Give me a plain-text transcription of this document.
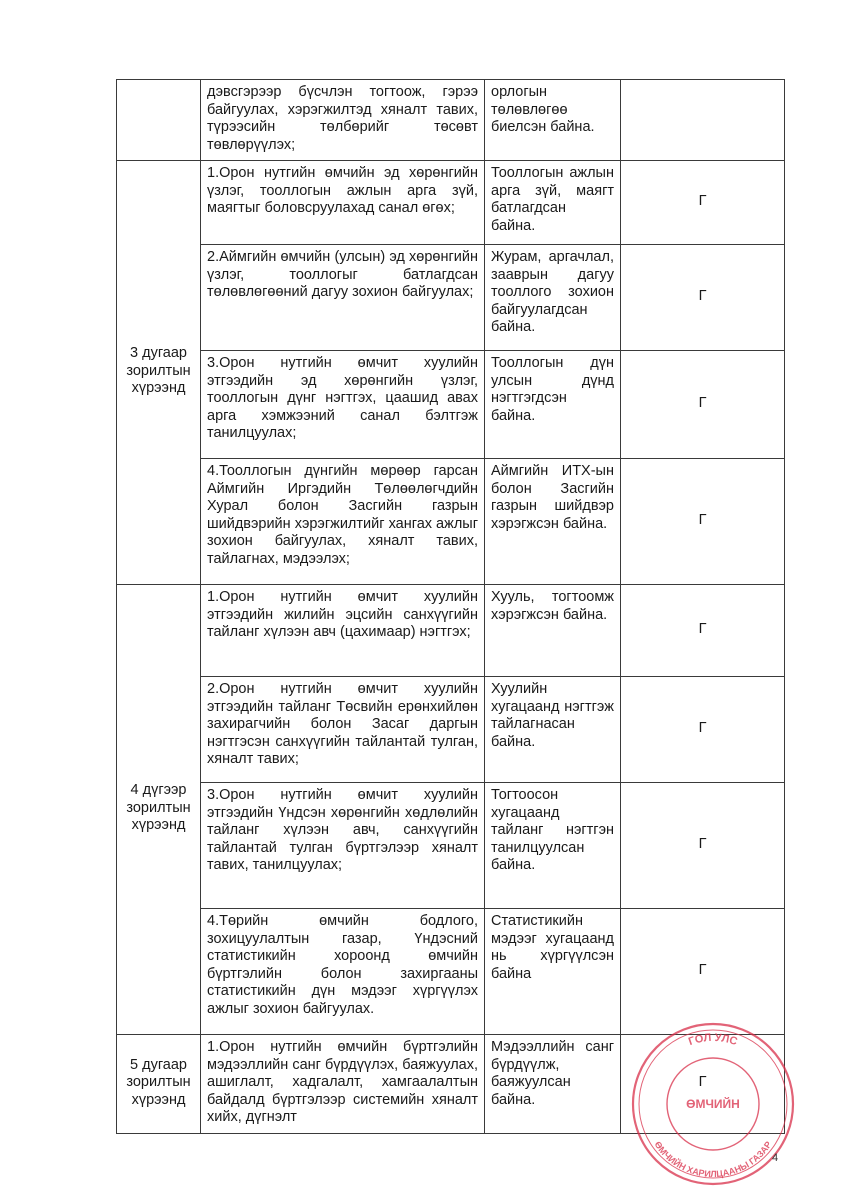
	дэвсгэрээр бүсчлэн тогтоож, гэрээ байгуулах, хэрэгжилтэд хяналт тавих, түрээсийн төлбөрийг төсөвт төвлөрүүлэх;	орлогын төлөвлөгөө биелсэн байна.	

3 дугаар зорилтын хүрээнд	1.Орон нутгийн өмчийн эд хөрөнгийн үзлэг, тооллогын ажлын арга зүй, маягтыг боловсруулахад санал өгөх;	Тооллогын ажлын арга зүй, маягт батлагдсан байна.	Г

	2.Аймгийн өмчийн (улсын) эд хөрөнгийн үзлэг, тооллогыг батлагдсан төлөвлөгөөний дагуу зохион байгуулах;	Журам, аргачлал, зааврын дагуу тооллого зохион байгуулагдсан байна.	Г

	3.Орон нутгийн өмчит хуулийн этгээдийн эд хөрөнгийн үзлэг, тооллогын дүнг нэгтгэх, цаашид авах арга хэмжээний санал бэлтгэж танилцуулах;	Тооллогын дүн улсын дүнд нэгтгэгдсэн байна.	Г

	4.Тооллогын дүнгийн мөрөөр гарсан Аймгийн Иргэдийн Төлөөлөгчдийн Хурал болон Засгийн газрын шийдвэрийн хэрэгжилтийг хангах ажлыг зохион байгуулах, хяналт тавих, тайлагнах, мэдээлэх;	Аймгийн ИТХ-ын болон Засгийн газрын шийдвэр хэрэгжсэн байна.	Г

4 дүгээр зорилтын хүрээнд	1.Орон нутгийн өмчит хуулийн этгээдийн жилийн эцсийн санхүүгийн тайланг хүлээн авч (цахимаар) нэгтгэх;	Хууль, тогтоомж хэрэгжсэн байна.	Г

	2.Орон нутгийн өмчит хуулийн этгээдийн тайланг Төсвийн ерөнхийлөн захирагчийн болон Засаг даргын нэгтгэсэн санхүүгийн тайлантай тулган, хяналт тавих;	Хуулийн хугацаанд нэгтгэж тайлагнасан байна.	Г

	3.Орон нутгийн өмчит хуулийн этгээдийн Үндсэн хөрөнгийн хөдлөлийн тайланг хүлээн авч, санхүүгийн тайлантай тулган бүртгэлээр хяналт тавих, танилцуулах;	Тогтоосон хугацаанд тайланг нэгтгэн танилцуулсан байна.	Г

	4.Төрийн өмчийн бодлого, зохицуулалтын газар, Үндэсний статистикийн хороонд өмчийн бүртгэлийн болон захиргааны статистикийн дүн мэдээг хүргүүлэх ажлыг зохион байгуулах.	Статистикийн мэдээг хугацаанд нь хүргүүлсэн байна	Г

5 дугаар зорилтын хүрээнд	1.Орон нутгийн өмчийн бүртгэлийн мэдээллийн санг бүрдүүлэх, баяжуулах, ашиглалт, хадгалалт, хамгаалалтын байдалд бүртгэлээр системийн хяналт хийх, дүгнэлт	Мэдээллийн санг бүрдүүлж, баяжуулсан байна.	Г
ГОЛ УЛС
ӨМЧИЙН ХАРИЛЦААНЫ ГАЗАР
ӨМЧИЙН
4
